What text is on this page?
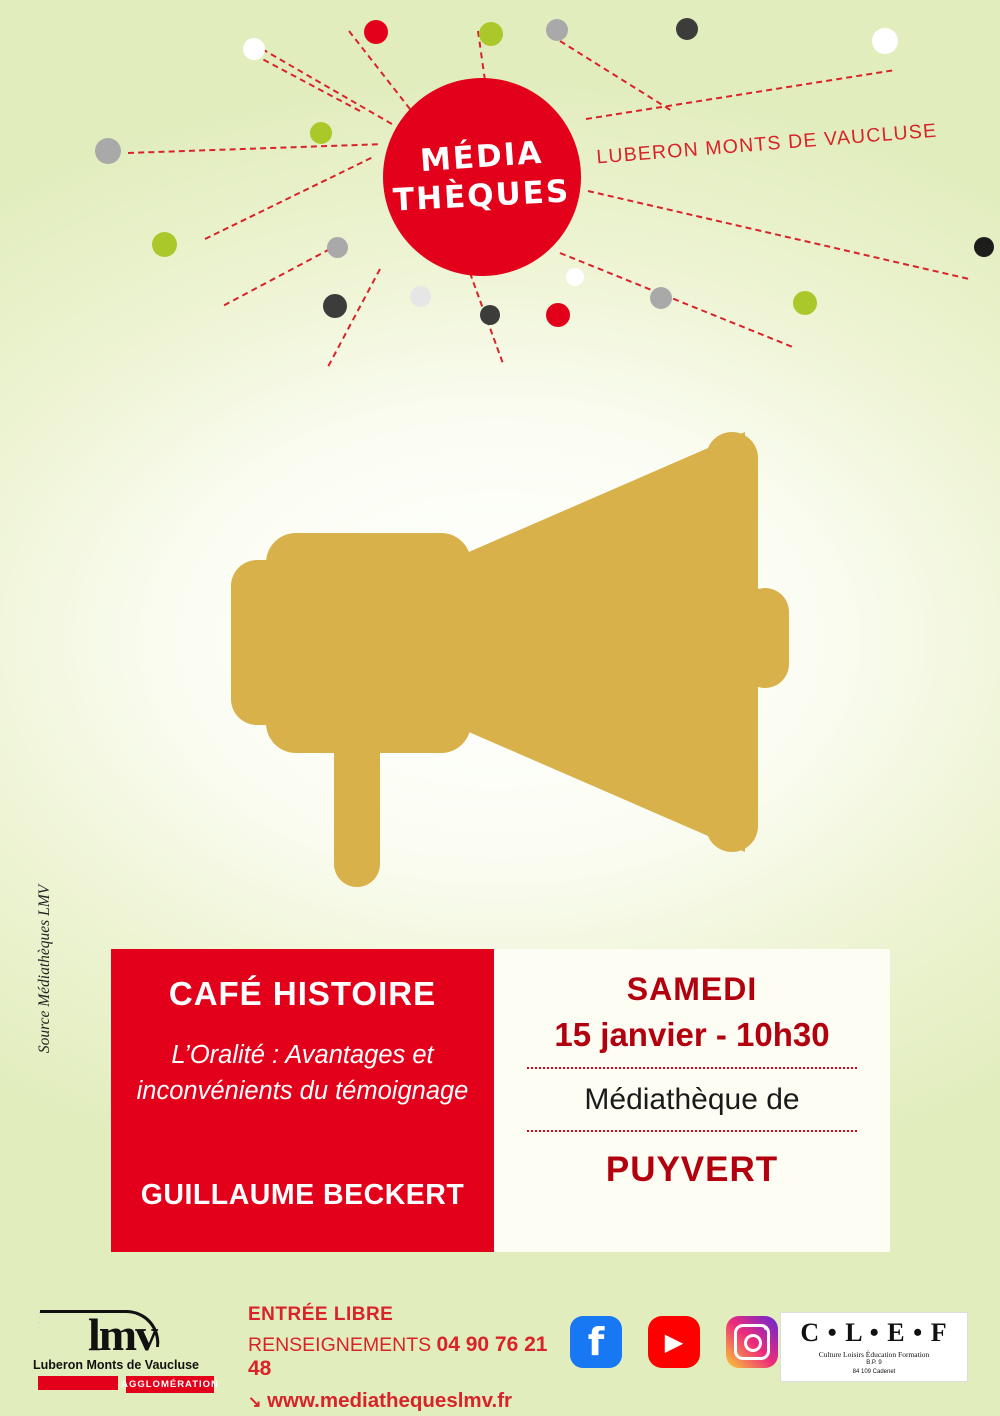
MÉDIA
THÈQUES
LUBERON MONTS DE VAUCLUSE
Source Médiathèques LMV	CAFÉ HISTOIRE
L’Oralité : Avantages et inconvénients du témoignage
GUILLAUME BECKERT
SAMEDI
15 janvier - 10h30
Médiathèque de
PUYVERT
lmv
Luberon Monts de Vaucluse
AGGLOMÉRATION
ENTRÉE LIBRE
RENSEIGNEMENTS 04 90 76 21 48
↘ www.mediathequeslmv.fr
f	▶	C • L • E • F
Culture Loisirs Éducation Formation
B.P. 9
84 109 Cadenet
